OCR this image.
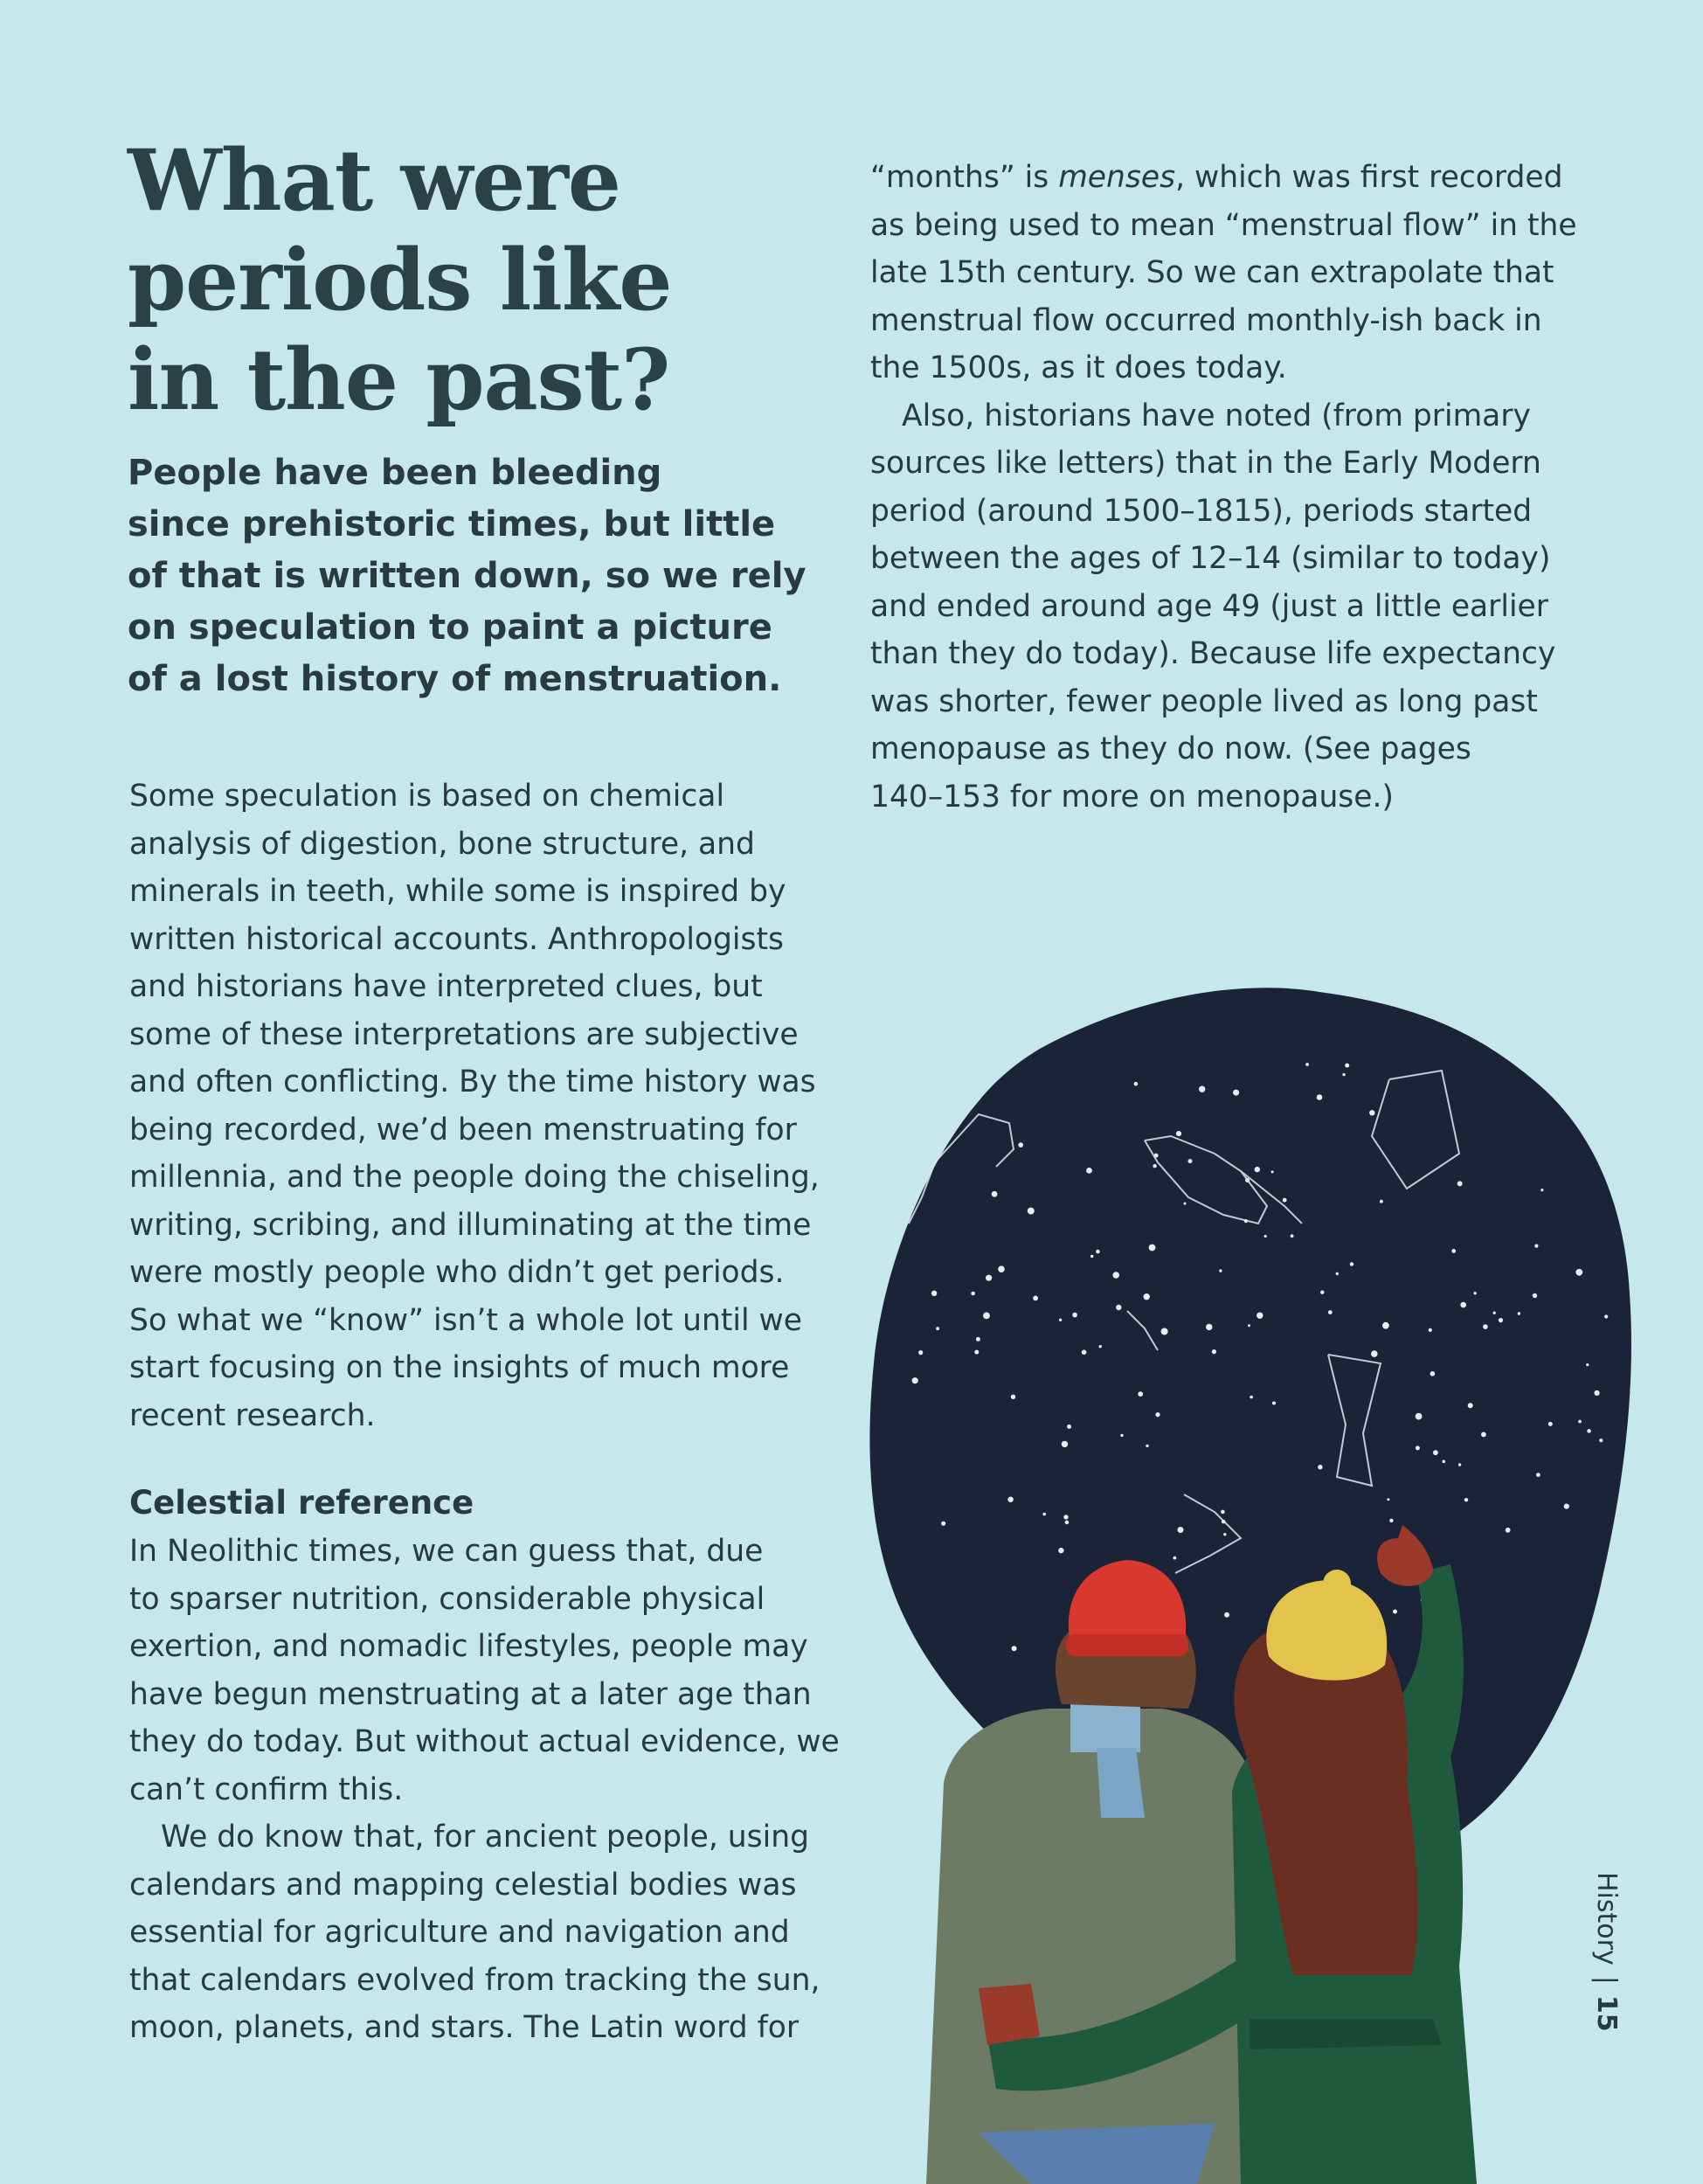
What were
periods like
in the past?

People have been bleeding
since prehistoric times, but little
of that is written down, so we rely
on speculation to paint a picture
of a lost history of menstruation.

Some speculation is based on chemical
analysis of digestion, bone structure, and
minerals in teeth, while some is inspired by
written historical accounts. Anthropologists
and historians have interpreted clues, but
some of these interpretations are subjective
and often conflicting. By the time history was
being recorded, we’d been menstruating for
millennia, and the people doing the chiseling,
writing, scribing, and illuminating at the time
were mostly people who didn’t get periods.
So what we “know” isn’t a whole lot until we
start focusing on the insights of much more
recent research.

Celestial reference

In Neolithic times, we can guess that, due
to sparser nutrition, considerable physical
exertion, and nomadic lifestyles, people may
have begun menstruating at a later age than
they do today. But without actual evidence, we
can’t confirm this.
We do know that, for ancient people, using
calendars and mapping celestial bodies was
essential for agriculture and navigation and
that calendars evolved from tracking the sun,
moon, planets, and stars. The Latin word for

“months” is menses, which was first recorded
as being used to mean “menstrual flow” in the
late 15th century. So we can extrapolate that
menstrual flow occurred monthly-ish back in
the 1500s, as it does today.
Also, historians have noted (from primary
sources like letters) that in the Early Modern
period (around 1500–1815), periods started
between the ages of 12–14 (similar to today)
and ended around age 49 (just a little earlier
than they do today). Because life expectancy
was shorter, fewer people lived as long past
menopause as they do now. (See pages
140–153 for more on menopause.)

History|15
